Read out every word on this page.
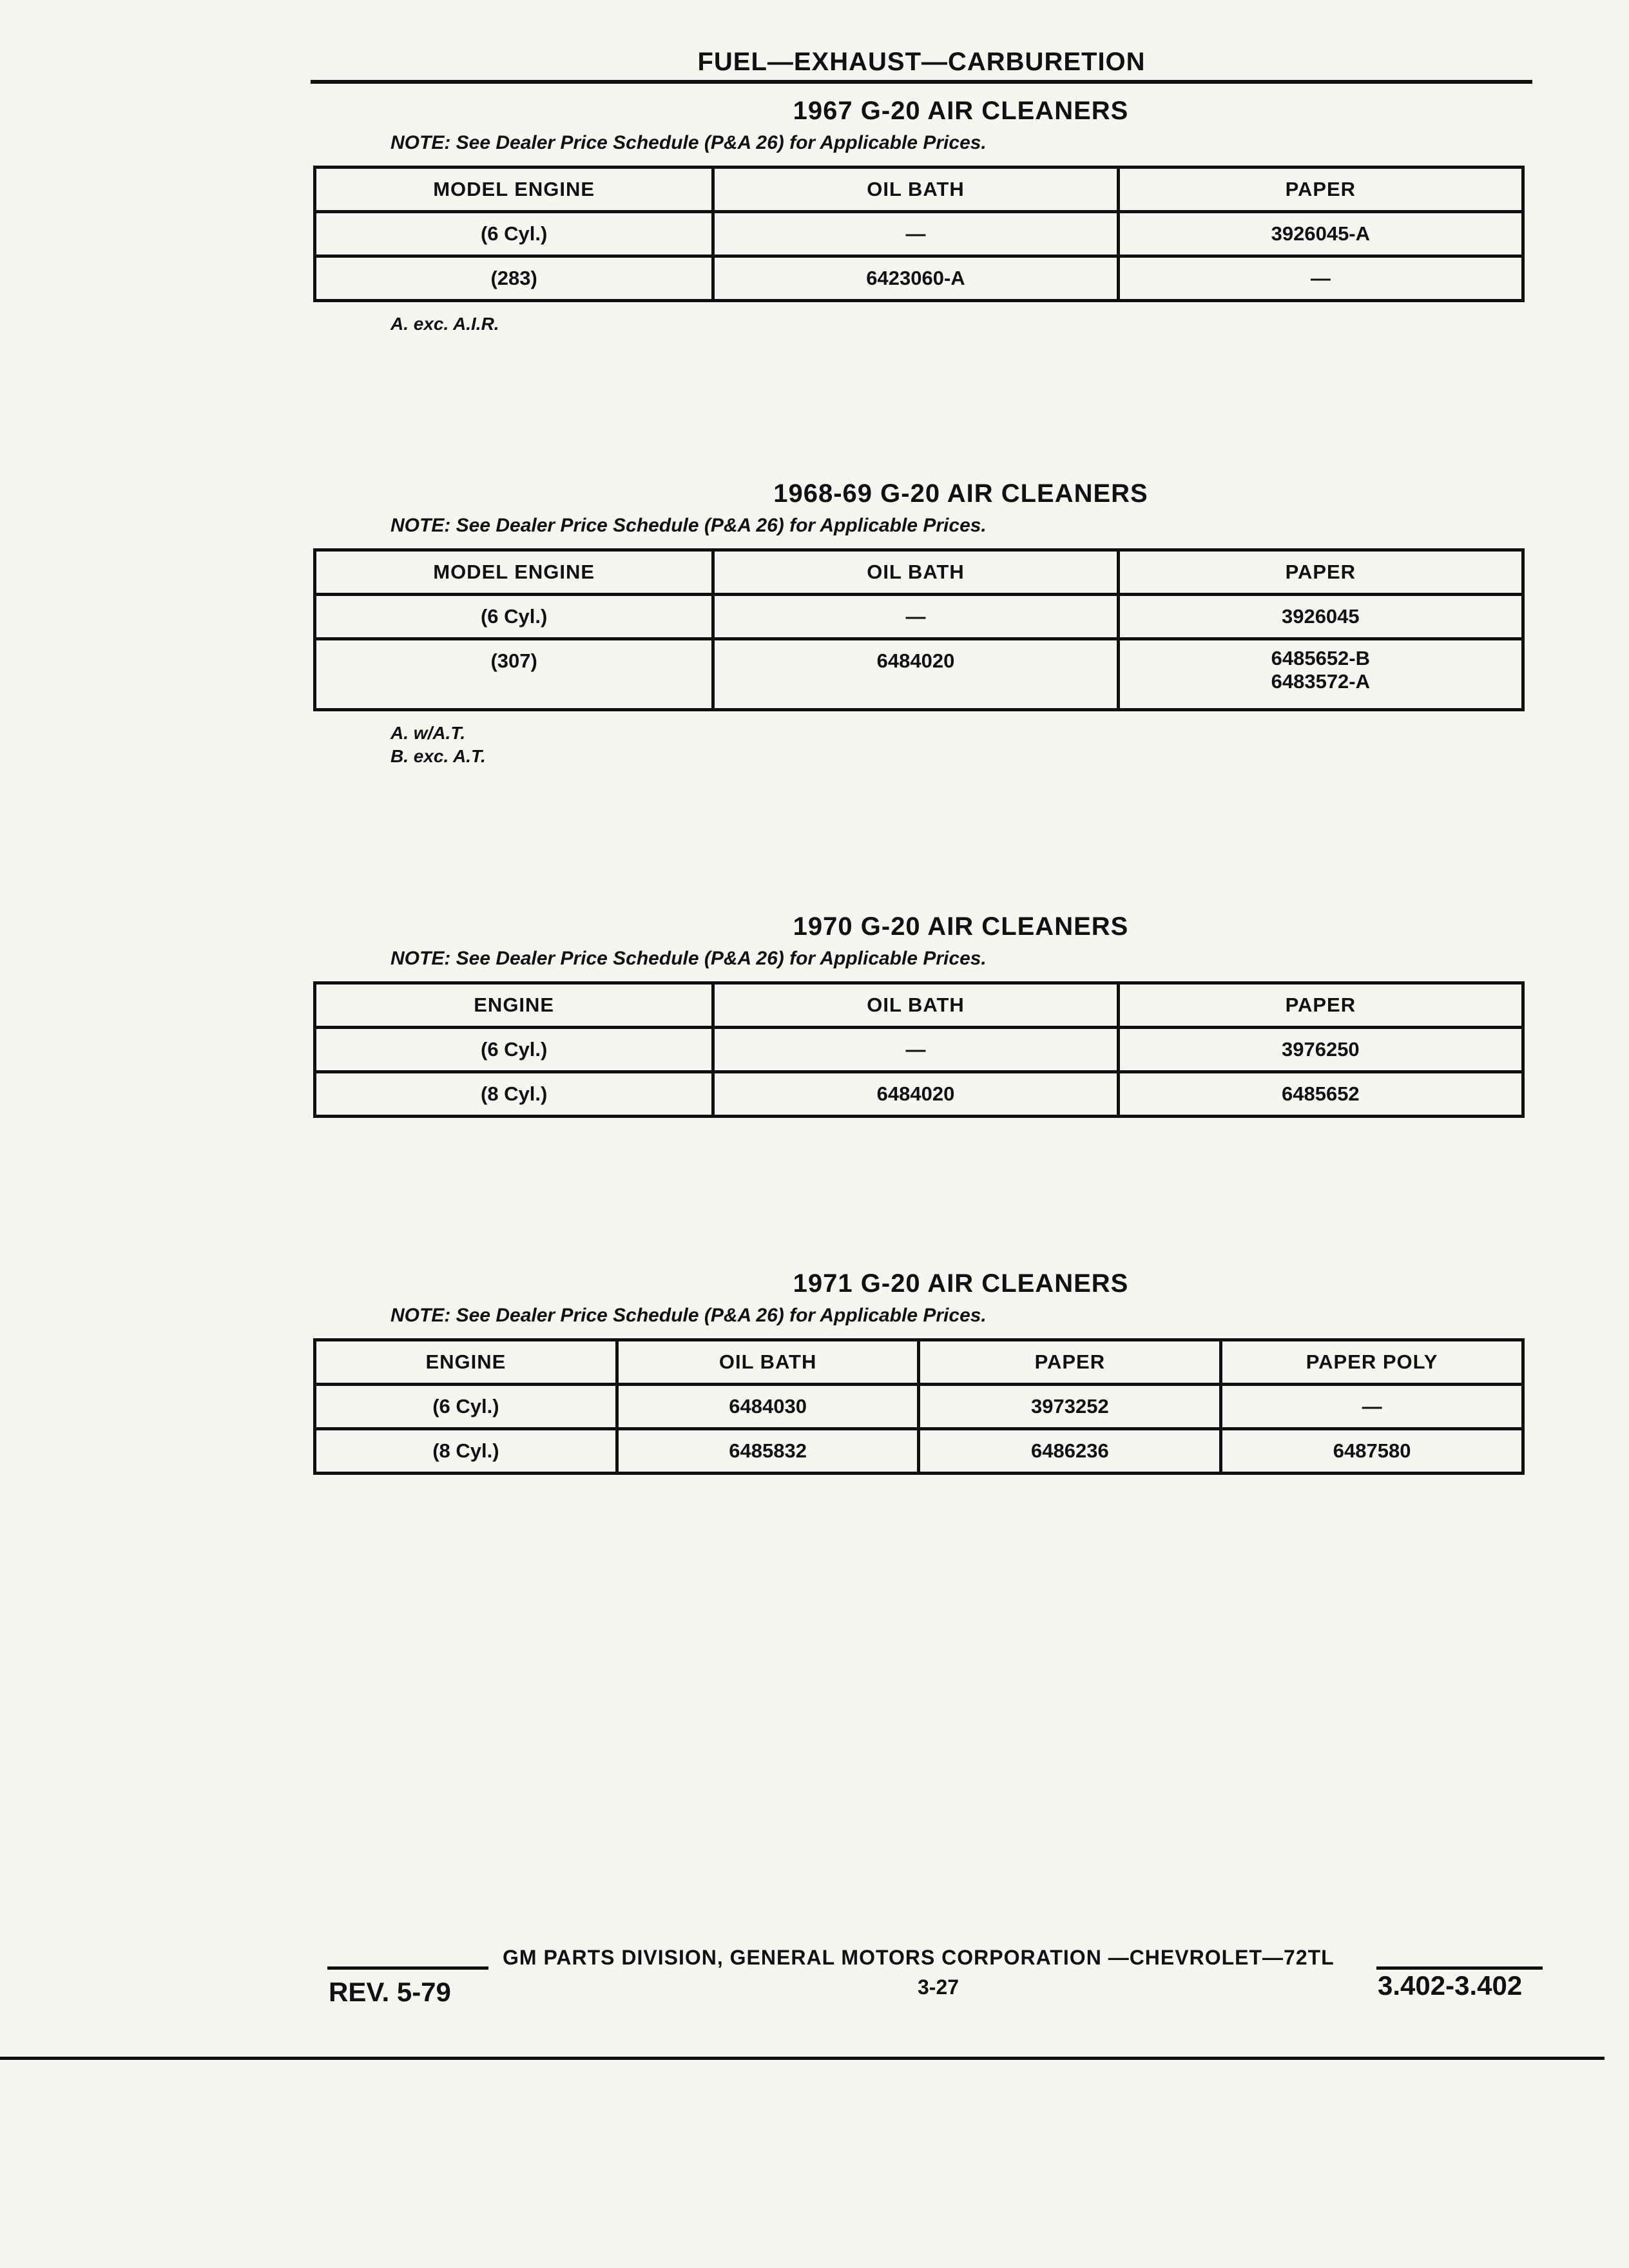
FUEL—EXHAUST—CARBURETION
1967 G-20 AIR CLEANERS
NOTE: See Dealer Price Schedule (P&A 26) for Applicable Prices.
MODEL ENGINE	OIL BATH	PAPER
(6 Cyl.)	—	3926045-A
(283)	6423060-A	—
A. exc. A.I.R.
1968-69 G-20 AIR CLEANERS
NOTE: See Dealer Price Schedule (P&A 26) for Applicable Prices.
MODEL ENGINE	OIL BATH	PAPER
(6 Cyl.)	—	3926045
(307)	6484020	6485652-B
6483572-A
A. w/A.T.
B. exc. A.T.
1970 G-20 AIR CLEANERS
NOTE: See Dealer Price Schedule (P&A 26) for Applicable Prices.
ENGINE	OIL BATH	PAPER
(6 Cyl.)	—	3976250
(8 Cyl.)	6484020	6485652
1971 G-20 AIR CLEANERS
NOTE: See Dealer Price Schedule (P&A 26) for Applicable Prices.
ENGINE	OIL BATH	PAPER	PAPER POLY
(6 Cyl.)	6484030	3973252	—
(8 Cyl.)	6485832	6486236	6487580
GM PARTS DIVISION, GENERAL MOTORS CORPORATION —CHEVROLET—72TL
REV. 5-79	3-27	3.402-3.402
